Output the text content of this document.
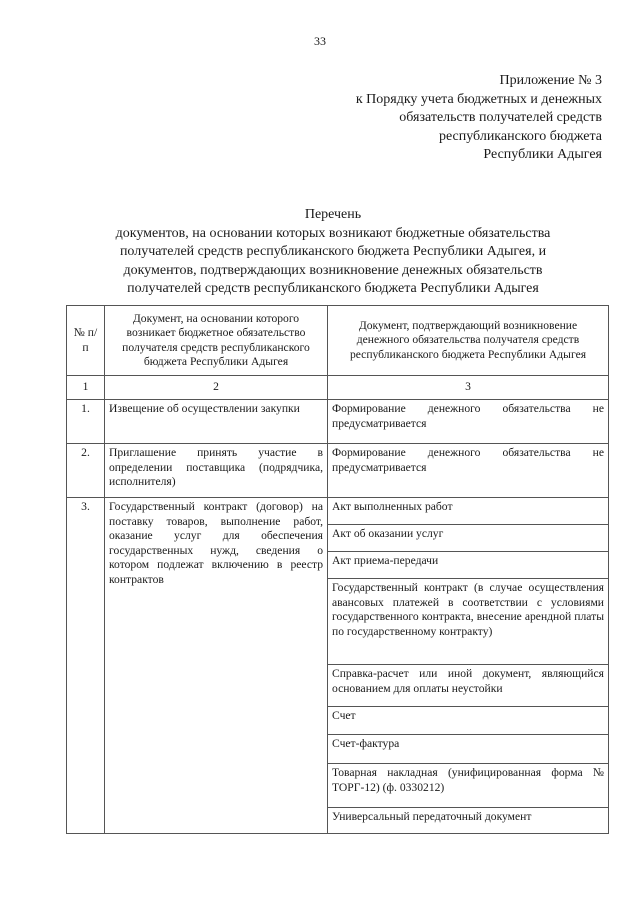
33
Приложение № 3
к Порядку учета бюджетных и денежных
обязательств получателей средств
республиканского бюджета
Республики Адыгея
Перечень
документов, на основании которых возникают бюджетные обязательства
получателей средств республиканского бюджета Республики Адыгея, и
документов, подтверждающих возникновение денежных обязательств
получателей средств республиканского бюджета Республики Адыгея
№ п/п	Документ, на основании которого возникает бюджетное обязательство получателя средств республиканского бюджета Республики Адыгея	Документ, подтверждающий возникновение денежного обязательства получателя средств республиканского бюджета Республики Адыгея
1	2	3
1.	Извещение об осуществлении закупки	Формирование денежного обязательства не предусматривается
2.	Приглашение принять участие в определении поставщика (подрядчика, исполнителя)	Формирование денежного обязательства не предусматривается
3.	Государственный контракт (договор) на поставку товаров, выполнение работ, оказание услуг для обеспечения государственных нужд, сведения о котором подлежат включению в реестр контрактов	Акт выполненных работ
		Акт об оказании услуг
		Акт приема-передачи
		Государственный контракт (в случае осуществления авансовых платежей в соответствии с условиями государственного контракта, внесение арендной платы по государственному контракту)
		Справка-расчет или иной документ, являющийся основанием для оплаты неустойки
		Счет
		Счет-фактура
		Товарная накладная (унифицированная форма № ТОРГ-12) (ф. 0330212)
		Универсальный передаточный документ
